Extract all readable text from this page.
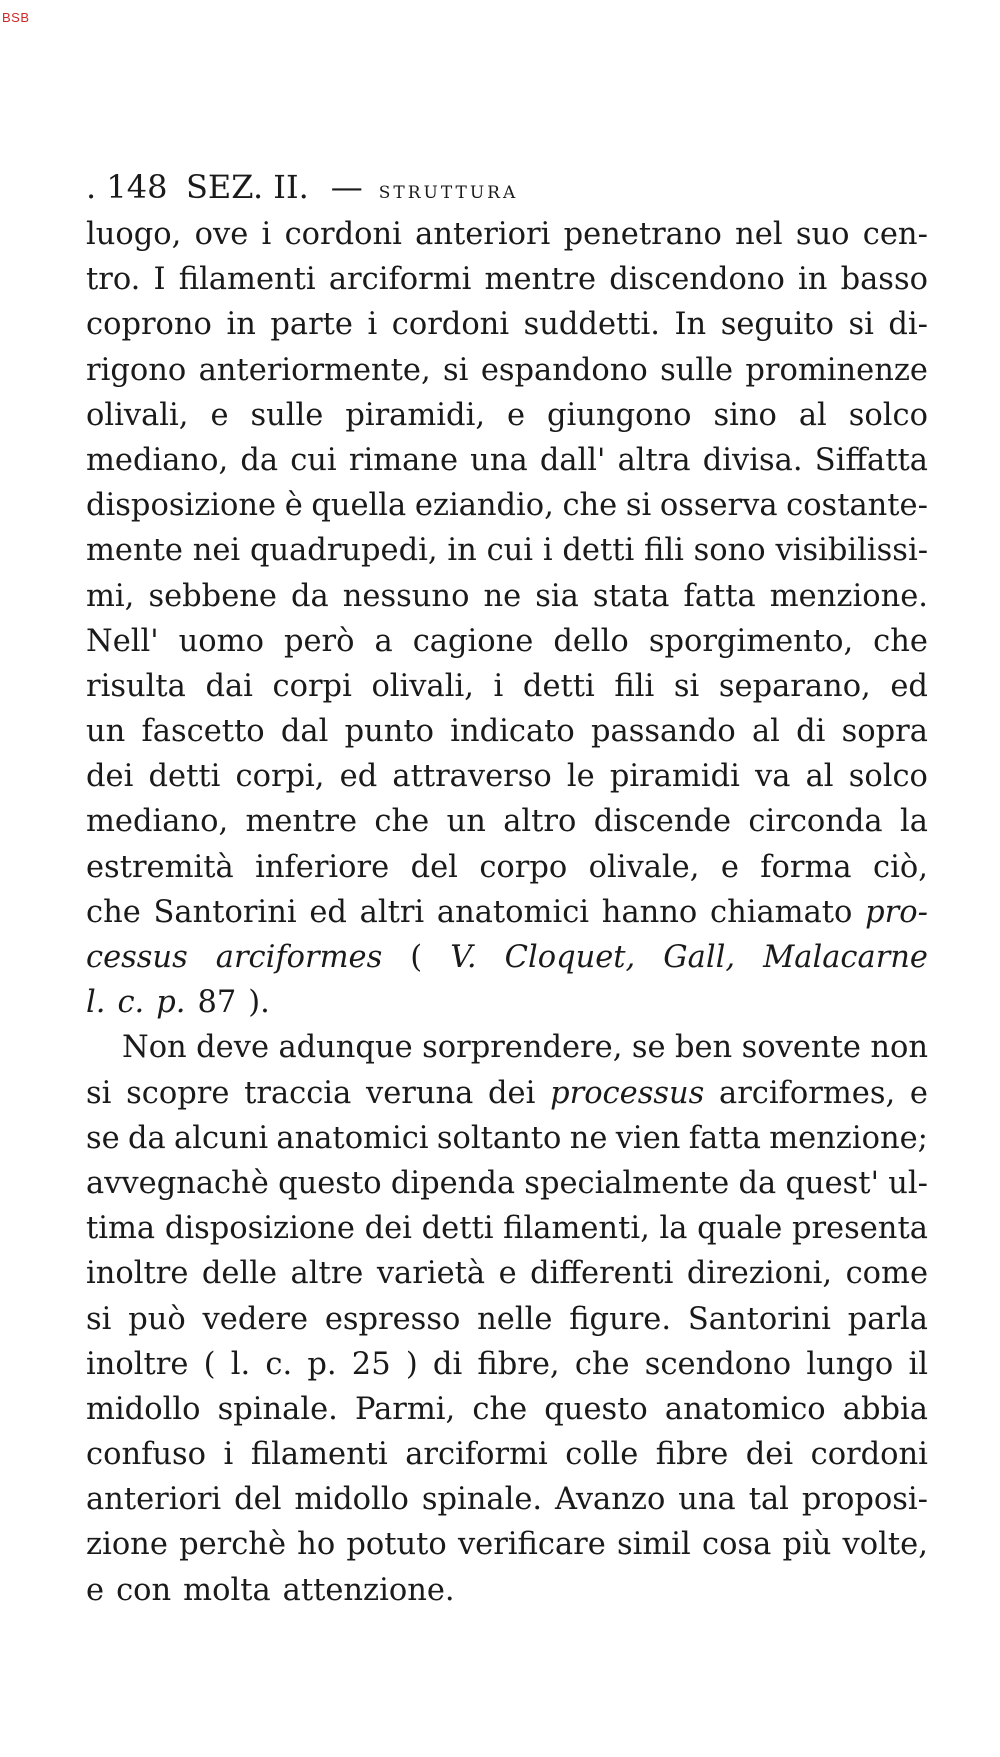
BSB
. 148 SEZ. II. — STRUTTURA
luogo, ove i cordoni anteriori penetrano nel suo cen-
tro. I filamenti arciformi mentre discendono in basso
coprono in parte i cordoni suddetti. In seguito si di-
rigono anteriormente, si espandono sulle prominenze
olivali, e sulle piramidi, e giungono sino al solco
mediano, da cui rimane una dall' altra divisa. Siffatta
disposizione è quella eziandio, che si osserva costante-
mente nei quadrupedi, in cui i detti fili sono visibilissi-
mi, sebbene da nessuno ne sia stata fatta menzione.
Nell' uomo però a cagione dello sporgimento, che
risulta dai corpi olivali, i detti fili si separano, ed
un fascetto dal punto indicato passando al di sopra
dei detti corpi, ed attraverso le piramidi va al solco
mediano, mentre che un altro discende circonda la
estremità inferiore del corpo olivale, e forma ciò,
che Santorini ed altri anatomici hanno chiamato pro-
cessus arciformes ( V. Cloquet, Gall, Malacarne
l. c. p. 87 ).
Non deve adunque sorprendere, se ben sovente non
si scopre traccia veruna dei processus arciformes, e
se da alcuni anatomici soltanto ne vien fatta menzione;
avvegnachè questo dipenda specialmente da quest' ul-
tima disposizione dei detti filamenti, la quale presenta
inoltre delle altre varietà e differenti direzioni, come
si può vedere espresso nelle figure. Santorini parla
inoltre ( l. c. p. 25 ) di fibre, che scendono lungo il
midollo spinale. Parmi, che questo anatomico abbia
confuso i filamenti arciformi colle fibre dei cordoni
anteriori del midollo spinale. Avanzo una tal proposi-
zione perchè ho potuto verificare simil cosa più volte,
e con molta attenzione.
